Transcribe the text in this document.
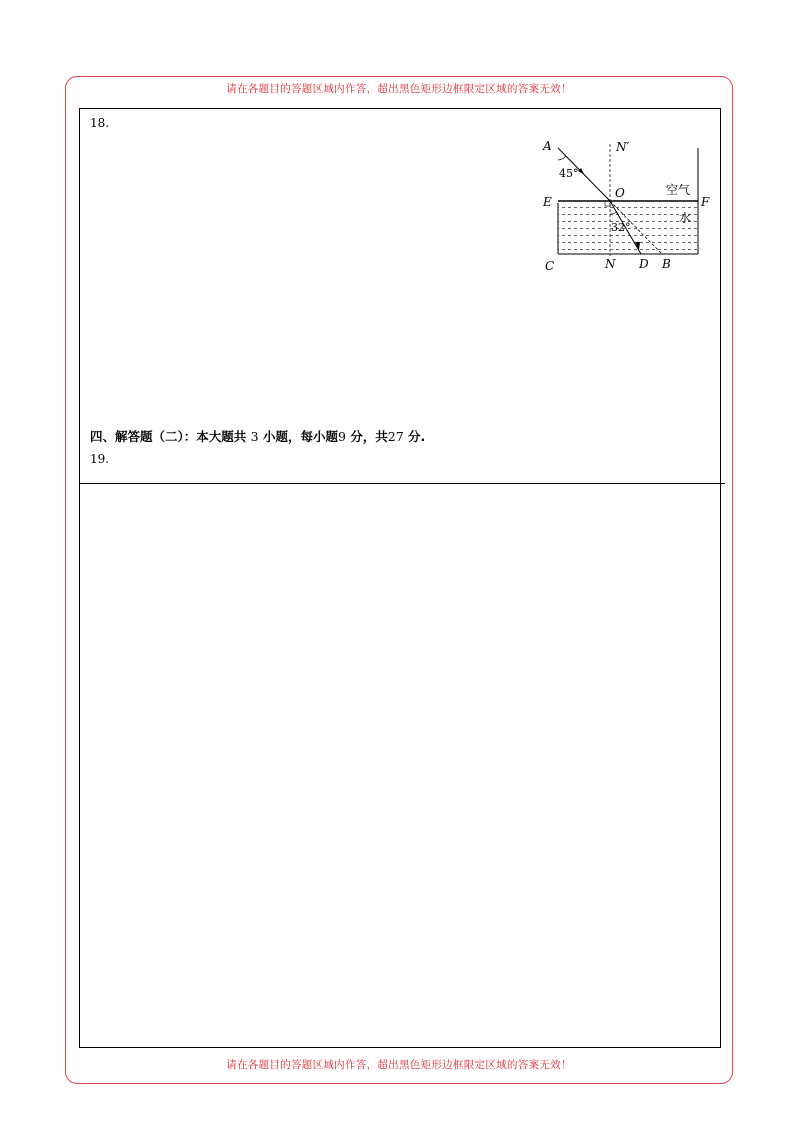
请在各题目的答题区域内作答，超出黑色矩形边框限定区域的答案无效！
18.
A	N′
45°
O	空气
E	F
水
32°
C	N D B
四、解答题（二）：本大题共 3 小题，每小题9 分，共27 分.
19.
请在各题目的答题区域内作答，超出黑色矩形边框限定区域的答案无效！
